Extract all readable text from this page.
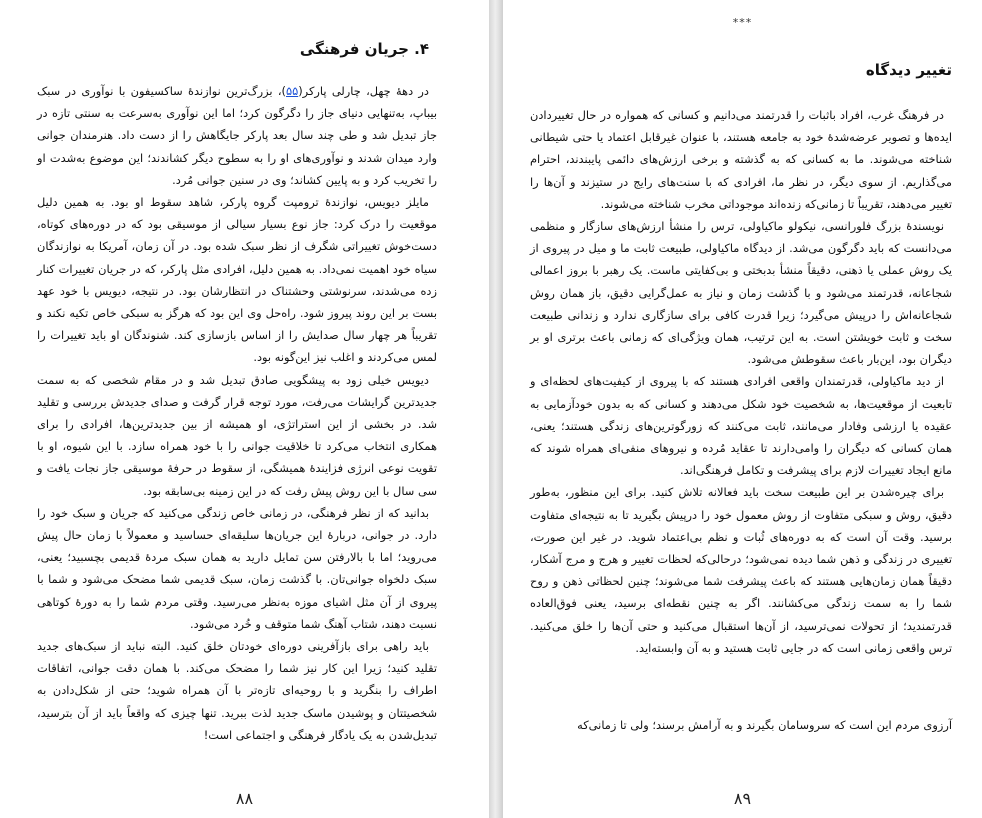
۴. جریان فرهنگی

در دههٔ چهل، چارلی پارکر(۵۵)، بزرگ‌ترین نوازندهٔ ساکسیفون با نوآوری در سبک بیباپ، به‌تنهایی دنیای جاز را دگرگون کرد؛ اما این نوآوری به‌سرعت به سنتی تازه در جاز تبدیل شد و طی چند سال بعد پارکر جایگاهش را از دست داد. هنرمندان جوانی وارد میدان شدند و نوآوری‌های او را به سطوح دیگر کشاندند؛ این موضوع به‌شدت او را تخریب کرد و به پایین کشاند؛ وی در سنین جوانی مُرد.

مایلز دیویس، نوازندهٔ ترومپت گروه پارکر، شاهد سقوط او بود. به همین دلیل موقعیت را درک کرد: جاز نوع بسیار سیالی از موسیقی بود که در دوره‌های کوتاه، دست‌خوش تغییراتی شگرف از نظر سبک شده بود. در آن زمان، آمریکا به نوازندگان سیاه خود اهمیت نمی‌داد. به همین دلیل، افرادی مثل پارکر، که در جریان تغییرات کنار زده می‌شدند، سرنوشتی وحشتناک در انتظارشان بود. در نتیجه، دیویس با خود عهد بست بر این روند پیروز شود. راه‌حل وی این بود که هرگز به سبکی خاص تکیه نکند و تقریباً هر چهار سال صدایش را از اساس بازسازی کند. شنوندگان او باید تغییرات را لمس می‌کردند و اغلب نیز این‌گونه بود.

دیویس خیلی زود به پیشگویی صادق تبدیل شد و در مقام شخصی که به سمت جدیدترین گرایشات می‌رفت، مورد توجه قرار گرفت و صدای جدیدش بررسی و تقلید شد. در بخشی از این استراتژی، او همیشه از بین جدیدترین‌ها، افرادی را برای همکاری انتخاب می‌کرد تا خلاقیت جوانی را با خود همراه سازد. با این شیوه، او با تقویت نوعی انرژی فزایندهٔ همیشگی، از سقوط در حرفهٔ موسیقی جاز نجات یافت و سی سال با این روش پیش رفت که در این زمینه بی‌سابقه بود.

بدانید که از نظر فرهنگی، در زمانی خاص زندگی می‌کنید که جریان و سبک خود را دارد. در جوانی، دربارهٔ این جریان‌ها سلیقه‌ای حساسید و معمولاً با زمان حال پیش می‌روید؛ اما با بالارفتن سن تمایل دارید به همان سبک مردهٔ قدیمی بچسبید؛ یعنی، سبک دلخواه جوانی‌تان. با گذشت زمان، سبک قدیمی شما مضحک می‌شود و شما با پیروی از آن مثل اشیای موزه به‌نظر می‌رسید. وقتی مردم شما را به دورهٔ کوتاهی نسبت دهند، شتاب آهنگ شما متوقف و خُرد می‌شود.

باید راهی برای بازآفرینی دوره‌ای خودتان خلق کنید. البته نباید از سبک‌های جدید تقلید کنید؛ زیرا این کار نیز شما را مضحک می‌کند. با همان دقت جوانی، اتفاقات اطراف را بنگرید و با روحیه‌ای تازه‌تر با آن همراه شوید؛ حتی از شکل‌دادن به شخصیتتان و پوشیدن ماسک جدید لذت ببرید. تنها چیزی که واقعاً باید از آن بترسید، تبدیل‌شدن به یک یادگار فرهنگی و اجتماعی است!

۸۸
***
تغییر دیدگاه

در فرهنگ غرب، افراد باثبات را قدرتمند می‌دانیم و کسانی که همواره در حال تغییردادن ایده‌ها و تصویر عرضه‌شدهٔ خود به جامعه هستند، با عنوان غیرقابل اعتماد یا حتی شیطانی شناخته می‌شوند. ما به کسانی که به گذشته و برخی ارزش‌های دائمی پایبندند، احترام می‌گذاریم. از سوی دیگر، در نظر ما، افرادی که با سنت‌های رایج در ستیزند و آن‌ها را تغییر می‌دهند، تقریباً تا زمانی‌که زنده‌اند موجوداتی مخرب شناخته می‌شوند.

نویسندهٔ بزرگ فلورانسی، نیکولو ماکیاولی، ترس را منشأ ارزش‌های سازگار و منظمی می‌دانست که باید دگرگون می‌شد. از دیدگاه ماکیاولی، طبیعت ثابت ما و میل در پیروی از یک روش عملی یا ذهنی، دقیقاً منشأ بدبختی و بی‌کفایتی ماست. یک رهبر با بروز اعمالی شجاعانه، قدرتمند می‌شود و با گذشت زمان و نیاز به عمل‌گرایی دقیق، باز همان روش شجاعانه‌اش را درپیش می‌گیرد؛ زیرا قدرت کافی برای سازگاری ندارد و زندانی طبیعت سخت و ثابت خویشتن است. به این ترتیب، همان ویژگی‌ای که زمانی باعث برتری او بر دیگران بود، این‌بار باعث سقوطش می‌شود.

از دید ماکیاولی، قدرتمندان واقعی افرادی هستند که با پیروی از کیفیت‌های لحظه‌ای و تابعیت از موقعیت‌ها، به شخصیت خود شکل می‌دهند و کسانی که به بدون خودآزمایی به عقیده یا ارزشی وفادار می‌مانند، ثابت می‌کنند که زورگوترین‌های زندگی هستند؛ یعنی، همان کسانی که دیگران را وامی‌دارند تا عقاید مُرده و نیروهای منفی‌ای همراه شوند که مانع ایجاد تغییرات لازم برای پیشرفت و تکامل فرهنگی‌اند.

برای چیره‌شدن بر این طبیعت سخت باید فعالانه تلاش کنید. برای این منظور، به‌طور دقیق، روش و سبکی متفاوت از روش معمول خود را درپیش بگیرید تا به نتیجه‌ای متفاوت برسید. وقت آن است که به دوره‌های ثُبات و نظم بی‌اعتماد شوید. در غیر این صورت، تغییری در زندگی و ذهن شما دیده نمی‌شود؛ درحالی‌که لحظات تغییر و هرج و مرج آشکار، دقیقاً همان زمان‌هایی هستند که باعث پیشرفت شما می‌شوند؛ چنین لحظاتی ذهن و روح شما را به سمت زندگی می‌کشانند. اگر به چنین نقطه‌ای برسید، یعنی فوق‌العاده قدرتمندید؛ از تحولات نمی‌ترسید، از آن‌ها استقبال می‌کنید و حتی آن‌ها را خلق می‌کنید. ترس واقعی زمانی است که در جایی ثابت هستید و به آن وابسته‌اید.

آرزوی مردم این است که سروسامان بگیرند و به آرامش برسند؛ ولی تا زمانی‌که
۸۹
